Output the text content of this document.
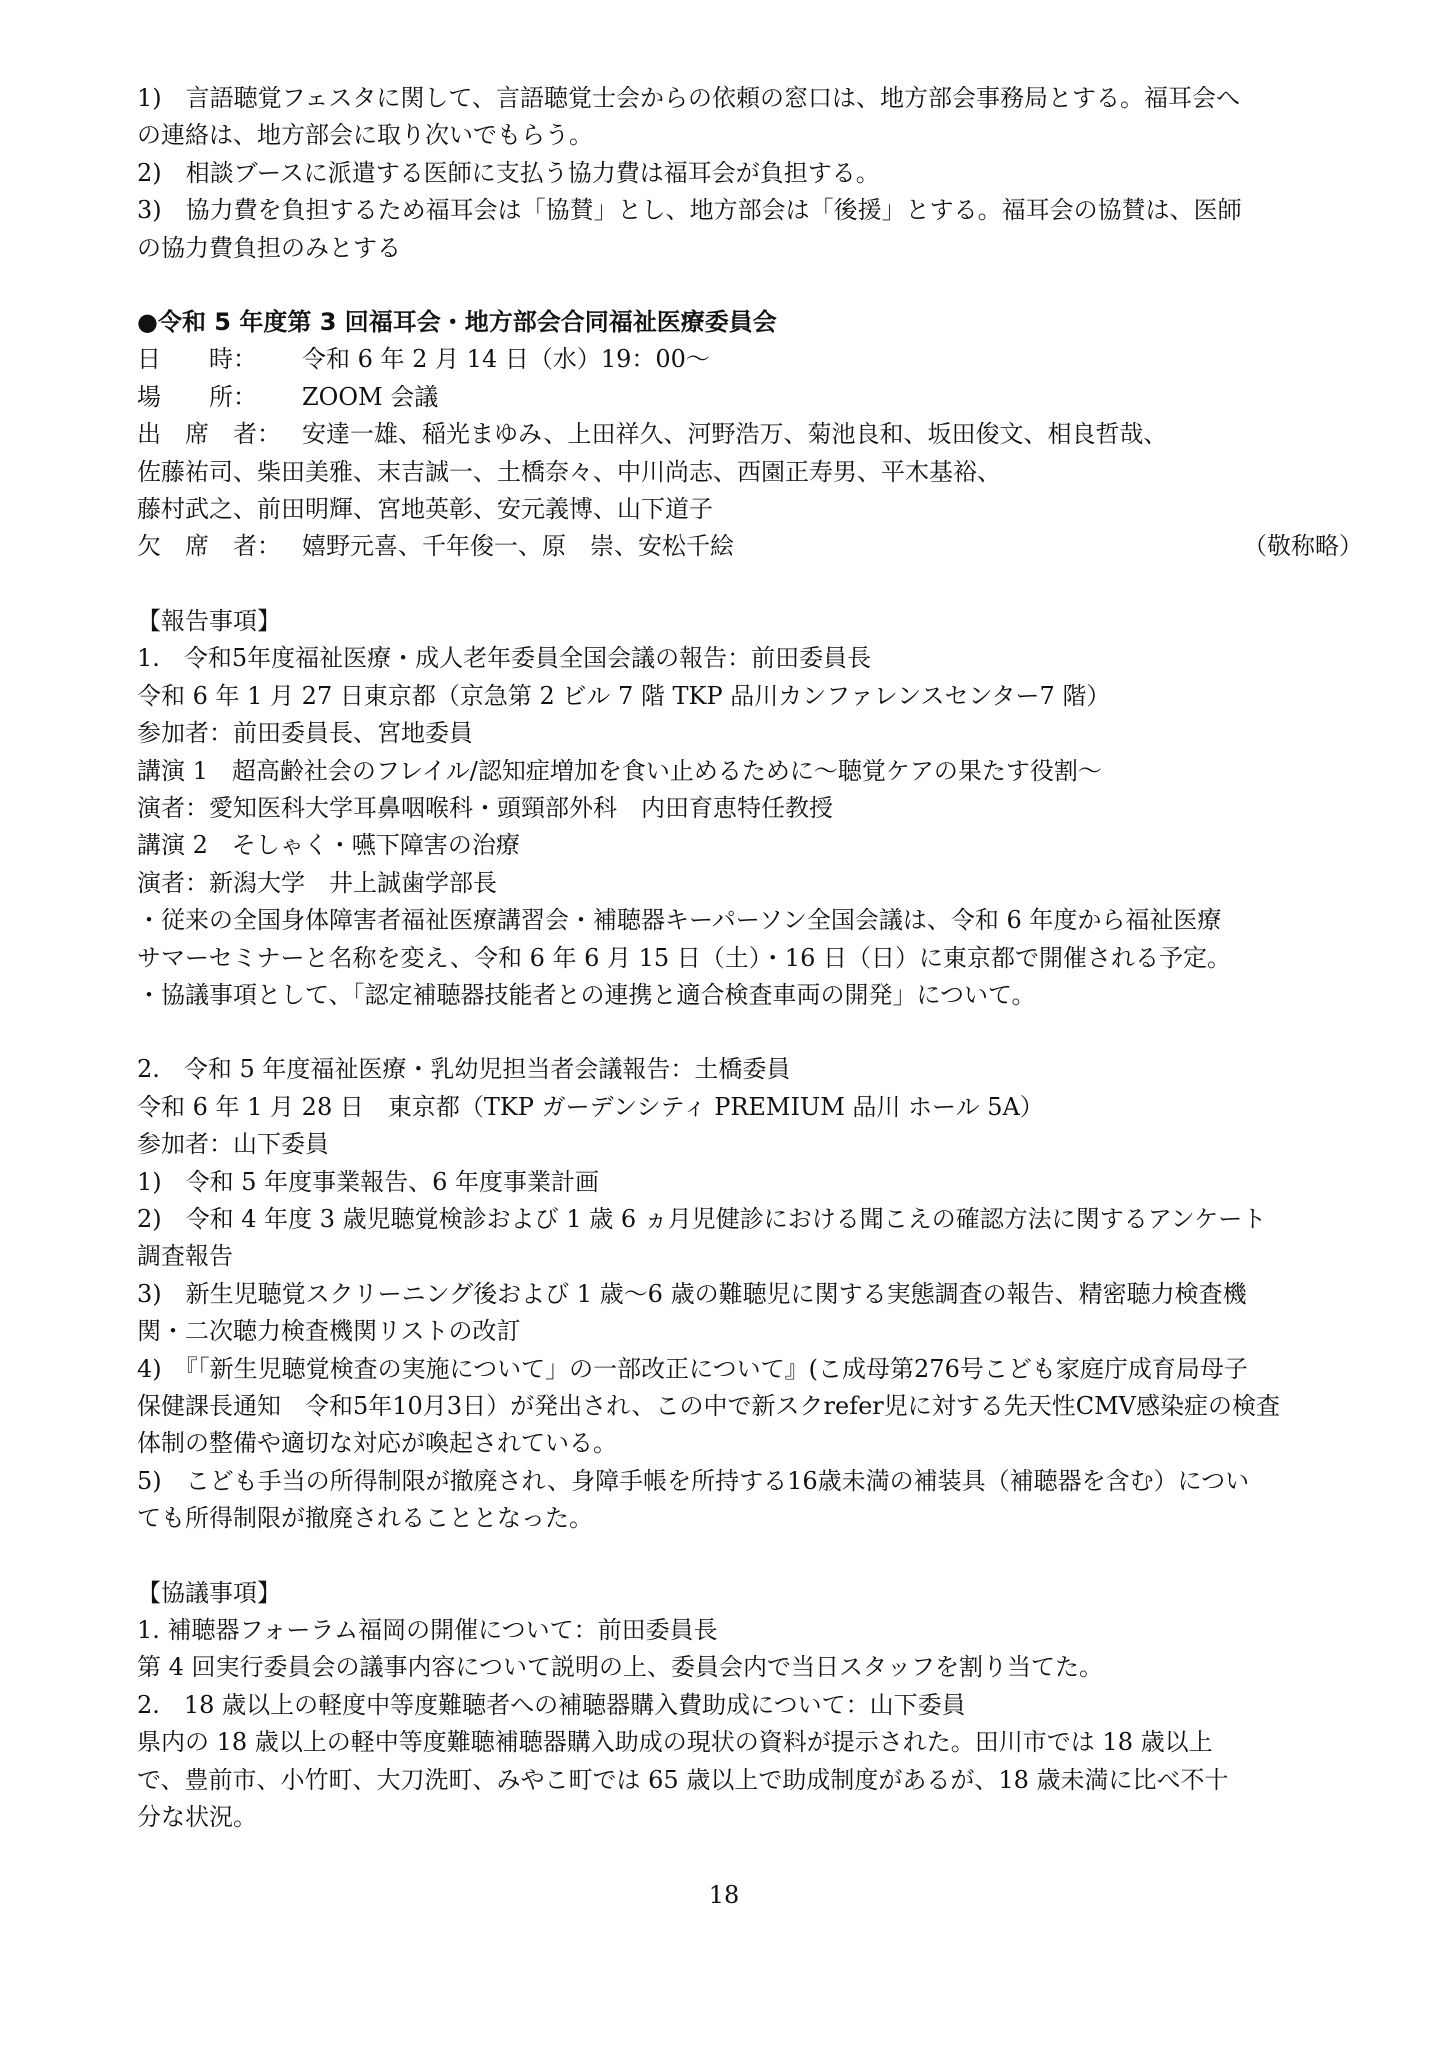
1)　言語聴覚フェスタに関して、言語聴覚士会からの依頼の窓口は、地方部会事務局とする。福耳会へ
の連絡は、地方部会に取り次いでもらう。
2)　相談ブースに派遣する医師に支払う協力費は福耳会が負担する。
3)　協力費を負担するため福耳会は「協賛」とし、地方部会は「後援」とする。福耳会の協賛は、医師
の協力費負担のみとする
●令和 5 年度第 3 回福耳会・地方部会合同福祉医療委員会
日　　時： 令和 6 年 2 月 14 日（水）19：00～
場　　所： ZOOM 会議
出　席　者： 安達一雄、稲光まゆみ、上田祥久、河野浩万、菊池良和、坂田俊文、相良哲哉、
佐藤祐司、柴田美雅、末吉誠一、土橋奈々、中川尚志、西園正寿男、平木基裕、
藤村武之、前田明輝、宮地英彰、安元義博、山下道子
欠　席　者： 嬉野元喜、千年俊一、原　崇、安松千絵	（敬称略）
【報告事項】
1.　令和5年度福祉医療・成人老年委員全国会議の報告：前田委員長
令和 6 年 1 月 27 日東京都（京急第 2 ビル 7 階 TKP 品川カンファレンスセンター7 階）
参加者：前田委員長、宮地委員
講演 1　超高齢社会のフレイル/認知症増加を食い止めるために～聴覚ケアの果たす役割～
演者：愛知医科大学耳鼻咽喉科・頭頸部外科　内田育恵特任教授
講演 2　そしゃく・嚥下障害の治療
演者：新潟大学　井上誠歯学部長
・従来の全国身体障害者福祉医療講習会・補聴器キーパーソン全国会議は、令和 6 年度から福祉医療
サマーセミナーと名称を変え、令和 6 年 6 月 15 日（土）・16 日（日）に東京都で開催される予定。
・協議事項として、「認定補聴器技能者との連携と適合検査車両の開発」について。
2.　令和 5 年度福祉医療・乳幼児担当者会議報告：土橋委員
令和 6 年 1 月 28 日　東京都（TKP ガーデンシティ PREMIUM 品川 ホール 5A）
参加者：山下委員
1)　令和 5 年度事業報告、6 年度事業計画
2)　令和 4 年度 3 歳児聴覚検診および 1 歳 6 ヵ月児健診における聞こえの確認方法に関するアンケート
調査報告
3)　新生児聴覚スクリーニング後および 1 歳～6 歳の難聴児に関する実態調査の報告、精密聴力検査機
関・二次聴力検査機関リストの改訂
4)　『「新生児聴覚検査の実施について」の一部改正について』(こ成母第276号こども家庭庁成育局母子
保健課長通知　令和5年10月3日）が発出され、この中で新スクrefer児に対する先天性CMV感染症の検査
体制の整備や適切な対応が喚起されている。
5)　こども手当の所得制限が撤廃され、身障手帳を所持する16歳未満の補装具（補聴器を含む）につい
ても所得制限が撤廃されることとなった。
【協議事項】
1. 補聴器フォーラム福岡の開催について：前田委員長
第 4 回実行委員会の議事内容について説明の上、委員会内で当日スタッフを割り当てた。
2.　18 歳以上の軽度中等度難聴者への補聴器購入費助成について：山下委員
県内の 18 歳以上の軽中等度難聴補聴器購入助成の現状の資料が提示された。田川市では 18 歳以上
で、豊前市、小竹町、大刀洗町、みやこ町では 65 歳以上で助成制度があるが、18 歳未満に比べ不十
分な状況。
18
